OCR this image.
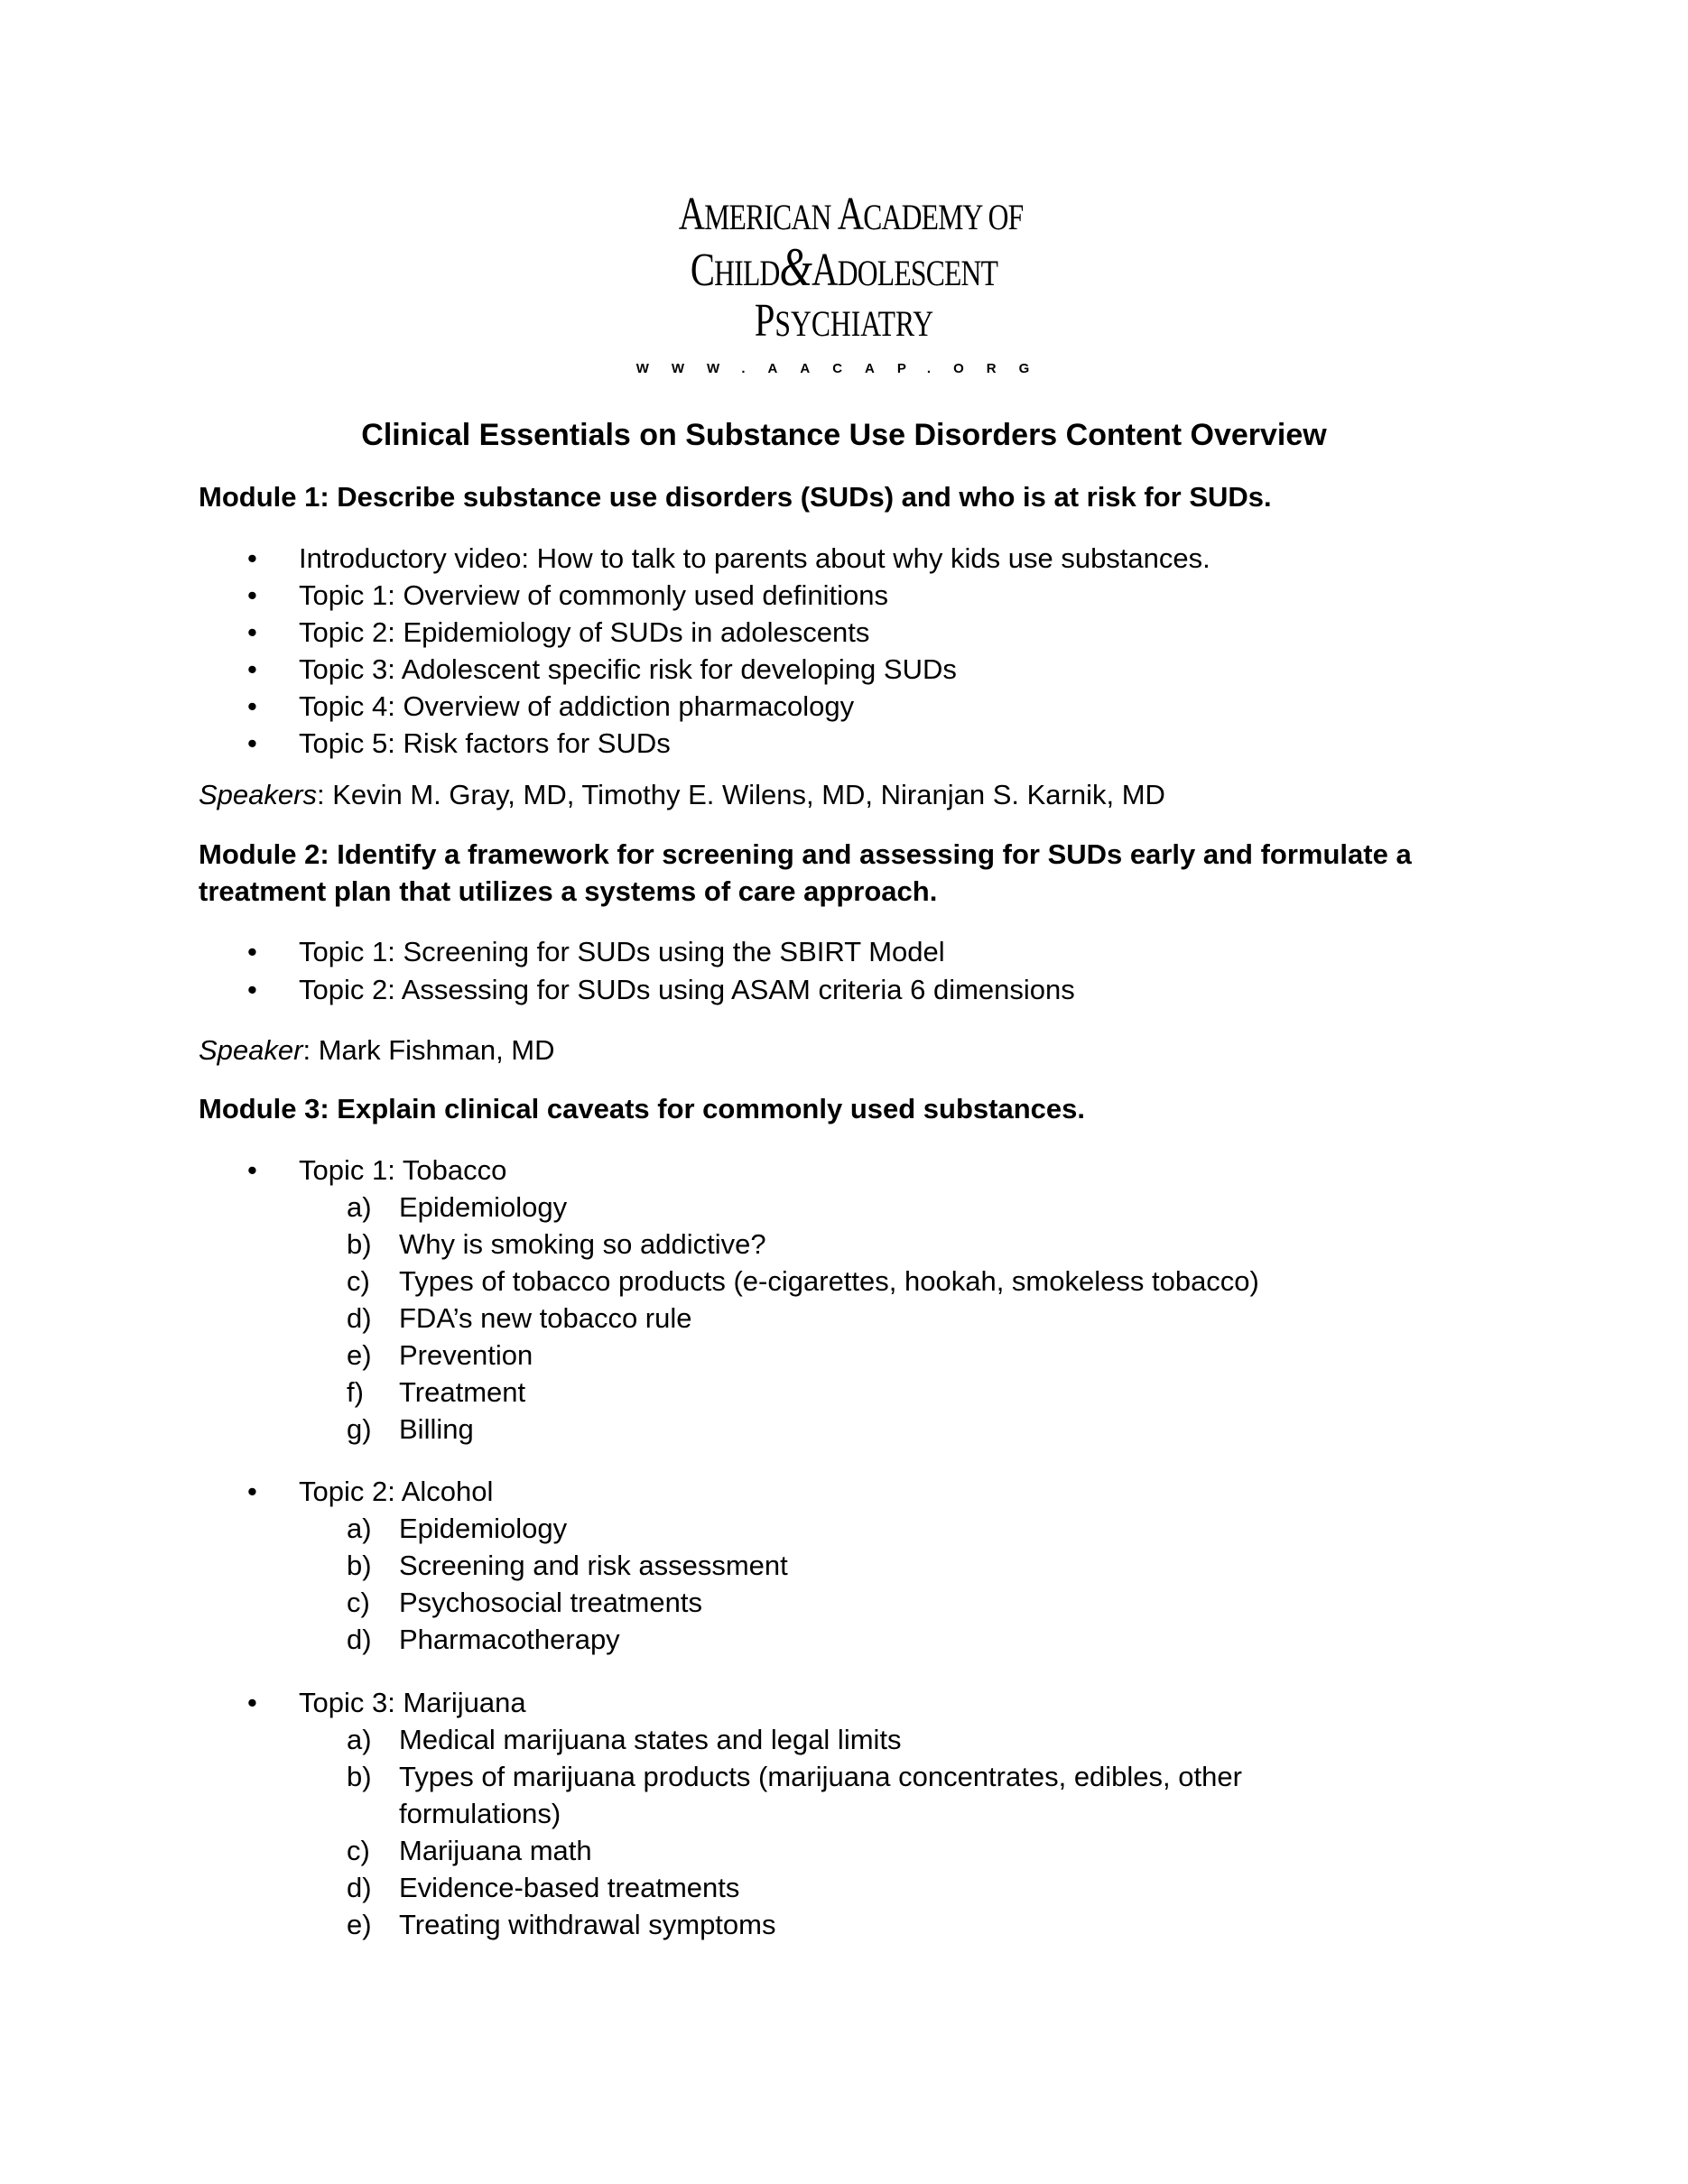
AMERICAN ACADEMY OF
CHILD&ADOLESCENT
PSYCHIATRY
WWW.AACAP.ORG
Clinical Essentials on Substance Use Disorders Content Overview
Module 1: Describe substance use disorders (SUDs) and who is at risk for SUDs.
• Introductory video: How to talk to parents about why kids use substances.
• Topic 1: Overview of commonly used definitions
• Topic 2: Epidemiology of SUDs in adolescents
• Topic 3: Adolescent specific risk for developing SUDs
• Topic 4: Overview of addiction pharmacology
• Topic 5: Risk factors for SUDs
Speakers: Kevin M. Gray, MD, Timothy E. Wilens, MD, Niranjan S. Karnik, MD
Module 2: Identify a framework for screening and assessing for SUDs early and formulate a treatment plan that utilizes a systems of care approach.
• Topic 1: Screening for SUDs using the SBIRT Model
• Topic 2: Assessing for SUDs using ASAM criteria 6 dimensions
Speaker: Mark Fishman, MD
Module 3: Explain clinical caveats for commonly used substances.
• Topic 1: Tobacco
a) Epidemiology
b) Why is smoking so addictive?
c) Types of tobacco products (e-cigarettes, hookah, smokeless tobacco)
d) FDA’s new tobacco rule
e) Prevention
f) Treatment
g) Billing
• Topic 2: Alcohol
a) Epidemiology
b) Screening and risk assessment
c) Psychosocial treatments
d) Pharmacotherapy
• Topic 3: Marijuana
a) Medical marijuana states and legal limits
b) Types of marijuana products (marijuana concentrates, edibles, other formulations)
c) Marijuana math
d) Evidence-based treatments
e) Treating withdrawal symptoms
